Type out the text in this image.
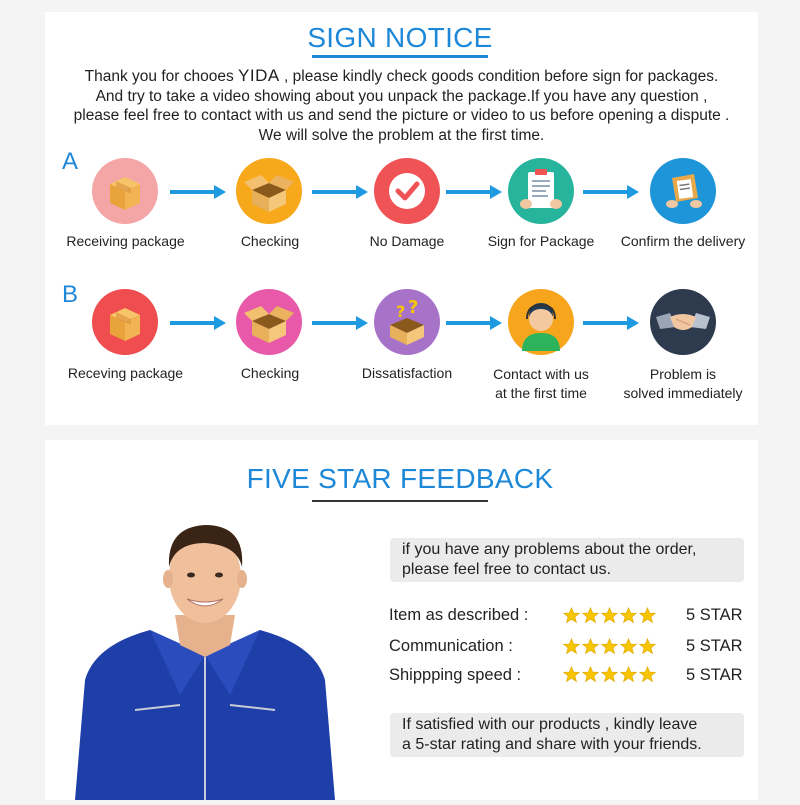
SIGN NOTICE
Thank you for chooes YIDA , please kindly check goods condition before sign for packages.
And try to take a video showing about you unpack the package.If you have any question ,
please feel free to contact with us and send the picture or video to us before opening a dispute .
We will solve the problem at the first time.
A
Receiving package	Checking	No Damage	Sign for Package	Confirm the delivery
B
Receving package	Checking
? ?
Dissatisfaction	Contact with us
at the first time
Problem is
solved immediately
FIVE STAR FEEDBACK
if you have any problems about the order,
please feel free to contact us.
Item as described :	5 STAR
Communication :	5 STAR
Shippping speed :	5 STAR
If satisfied with our products , kindly leave
a 5-star rating and share with your friends.
